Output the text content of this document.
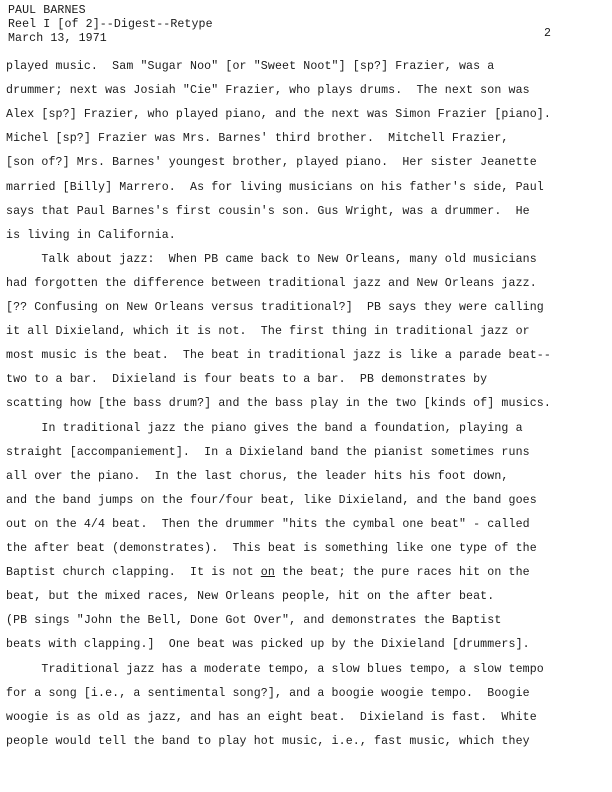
PAUL BARNES
Reel I [of 2]--Digest--Retype
March 13, 1971	2
played music.  Sam "Sugar Noo" [or "Sweet Noot"] [sp?] Frazier, was a
drummer; next was Josiah "Cie" Frazier, who plays drums.  The next son was
Alex [sp?] Frazier, who played piano, and the next was Simon Frazier [piano].
Michel [sp?] Frazier was Mrs. Barnes' third brother.  Mitchell Frazier,
[son of?] Mrs. Barnes' youngest brother, played piano.  Her sister Jeanette
married [Billy] Marrero.  As for living musicians on his father's side, Paul
says that Paul Barnes's first cousin's son. Gus Wright, was a drummer.  He
is living in California.
Talk about jazz:  When PB came back to New Orleans, many old musicians
had forgotten the difference between traditional jazz and New Orleans jazz.
[?? Confusing on New Orleans versus traditional?]  PB says they were calling
it all Dixieland, which it is not.  The first thing in traditional jazz or
most music is the beat.  The beat in traditional jazz is like a parade beat--
two to a bar.  Dixieland is four beats to a bar.  PB demonstrates by
scatting how [the bass drum?] and the bass play in the two [kinds of] musics.
In traditional jazz the piano gives the band a foundation, playing a
straight [accompaniement].  In a Dixieland band the pianist sometimes runs
all over the piano.  In the last chorus, the leader hits his foot down,
and the band jumps on the four/four beat, like Dixieland, and the band goes
out on the 4/4 beat.  Then the drummer "hits the cymbal one beat" - called
the after beat (demonstrates).  This beat is something like one type of the
Baptist church clapping.  It is not on the beat; the pure races hit on the
beat, but the mixed races, New Orleans people, hit on the after beat.
(PB sings "John the Bell, Done Got Over", and demonstrates the Baptist
beats with clapping.]  One beat was picked up by the Dixieland [drummers].
Traditional jazz has a moderate tempo, a slow blues tempo, a slow tempo
for a song [i.e., a sentimental song?], and a boogie woogie tempo.  Boogie
woogie is as old as jazz, and has an eight beat.  Dixieland is fast.  White
people would tell the band to play hot music, i.e., fast music, which they
